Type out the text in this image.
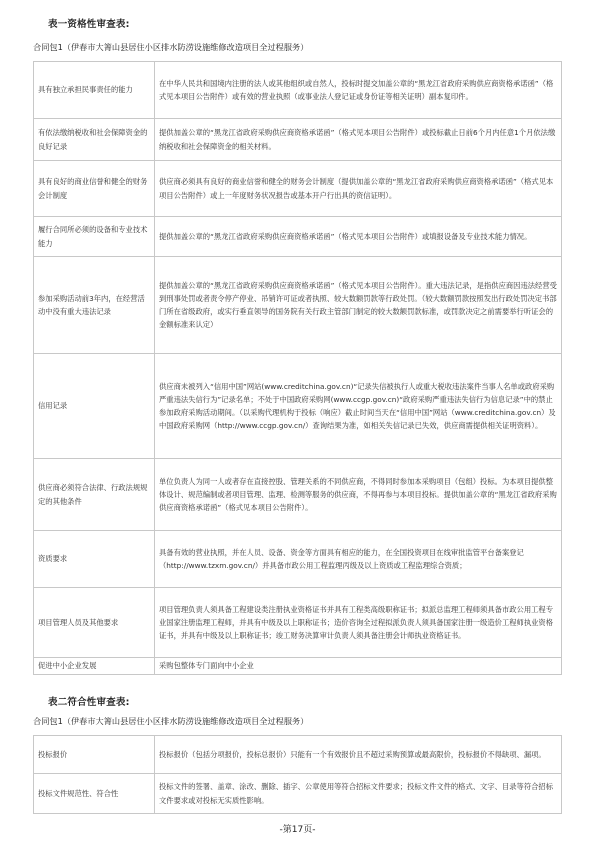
表一资格性审查表:
合同包1（伊春市大箐山县居住小区排水防涝设施维修改造项目全过程服务）
具有独立承担民事责任的能力	在中华人民共和国境内注册的法人或其他组织或自然人，投标时提交加盖公章的“黑龙江省政府采购供应商资格承诺函”（格式见本项目公告附件）或有效的营业执照（或事业法人登记证或身份证等相关证明）副本复印件。
有依法缴纳税收和社会保障资金的良好记录	提供加盖公章的“黑龙江省政府采购供应商资格承诺函”（格式见本项目公告附件）或投标截止日前6个月内任意1个月依法缴纳税收和社会保障资金的相关材料。
具有良好的商业信誉和健全的财务会计制度	供应商必须具有良好的商业信誉和健全的财务会计制度（提供加盖公章的“黑龙江省政府采购供应商资格承诺函”（格式见本项目公告附件）或上一年度财务状况报告或基本开户行出具的资信证明）。
履行合同所必须的设备和专业技术能力	提供加盖公章的“黑龙江省政府采购供应商资格承诺函”（格式见本项目公告附件）或填报设备及专业技术能力情况。
参加采购活动前3年内，在经营活动中没有重大违法记录	提供加盖公章的“黑龙江省政府采购供应商资格承诺函”（格式见本项目公告附件）。重大违法记录，是指供应商因违法经营受到刑事处罚或者责令停产停业、吊销许可证或者执照、较大数额罚款等行政处罚。（较大数额罚款按照发出行政处罚决定书部门所在省级政府，或实行垂直领导的国务院有关行政主管部门制定的较大数额罚款标准，或罚款决定之前需要举行听证会的金额标准来认定）
信用记录	供应商未被列入“信用中国”网站(www.creditchina.gov.cn)“记录失信被执行人或重大税收违法案件当事人名单或政府采购严重违法失信行为”记录名单；不处于中国政府采购网(www.ccgp.gov.cn)“政府采购严重违法失信行为信息记录”中的禁止参加政府采购活动期间。（以采购代理机构于投标（响应）截止时间当天在“信用中国”网站（www.creditchina.gov.cn）及中国政府采购网（http://www.ccgp.gov.cn/）查询结果为准，如相关失信记录已失效，供应商需提供相关证明资料）。
供应商必须符合法律、行政法规规定的其他条件	单位负责人为同一人或者存在直接控股、管理关系的不同供应商，不得同时参加本采购项目（包组）投标。为本项目提供整体设计、规范编制或者项目管理、监理、检测等服务的供应商，不得再参与本项目投标。提供加盖公章的“黑龙江省政府采购供应商资格承诺函”（格式见本项目公告附件）。
资质要求	具备有效的营业执照，并在人员、设备、资金等方面具有相应的能力，在全国投资项目在线审批监管平台备案登记（http://www.tzxm.gov.cn/）并具备市政公用工程监理丙级及以上资质或工程监理综合资质；
项目管理人员及其他要求	项目管理负责人须具备工程建设类注册执业资格证书并具有工程类高级职称证书；拟派总监理工程师须具备市政公用工程专业国家注册监理工程师，并具有中级及以上职称证书；造价咨询全过程拟派负责人须具备国家注册一级造价工程师执业资格证书，并具有中级及以上职称证书；竣工财务决算审计负责人须具备注册会计师执业资格证书。
促进中小企业发展	采购包整体专门面向中小企业
表二符合性审查表:
合同包1（伊春市大箐山县居住小区排水防涝设施维修改造项目全过程服务）
投标报价	投标报价（包括分项报价，投标总报价）只能有一个有效报价且不超过采购预算或最高限价，投标报价不得缺项、漏项。
投标文件规范性、符合性	投标文件的签署、盖章、涂改、删除、插字、公章使用等符合招标文件要求；投标文件文件的格式、文字、目录等符合招标文件要求或对投标无实质性影响。
-第17页-
